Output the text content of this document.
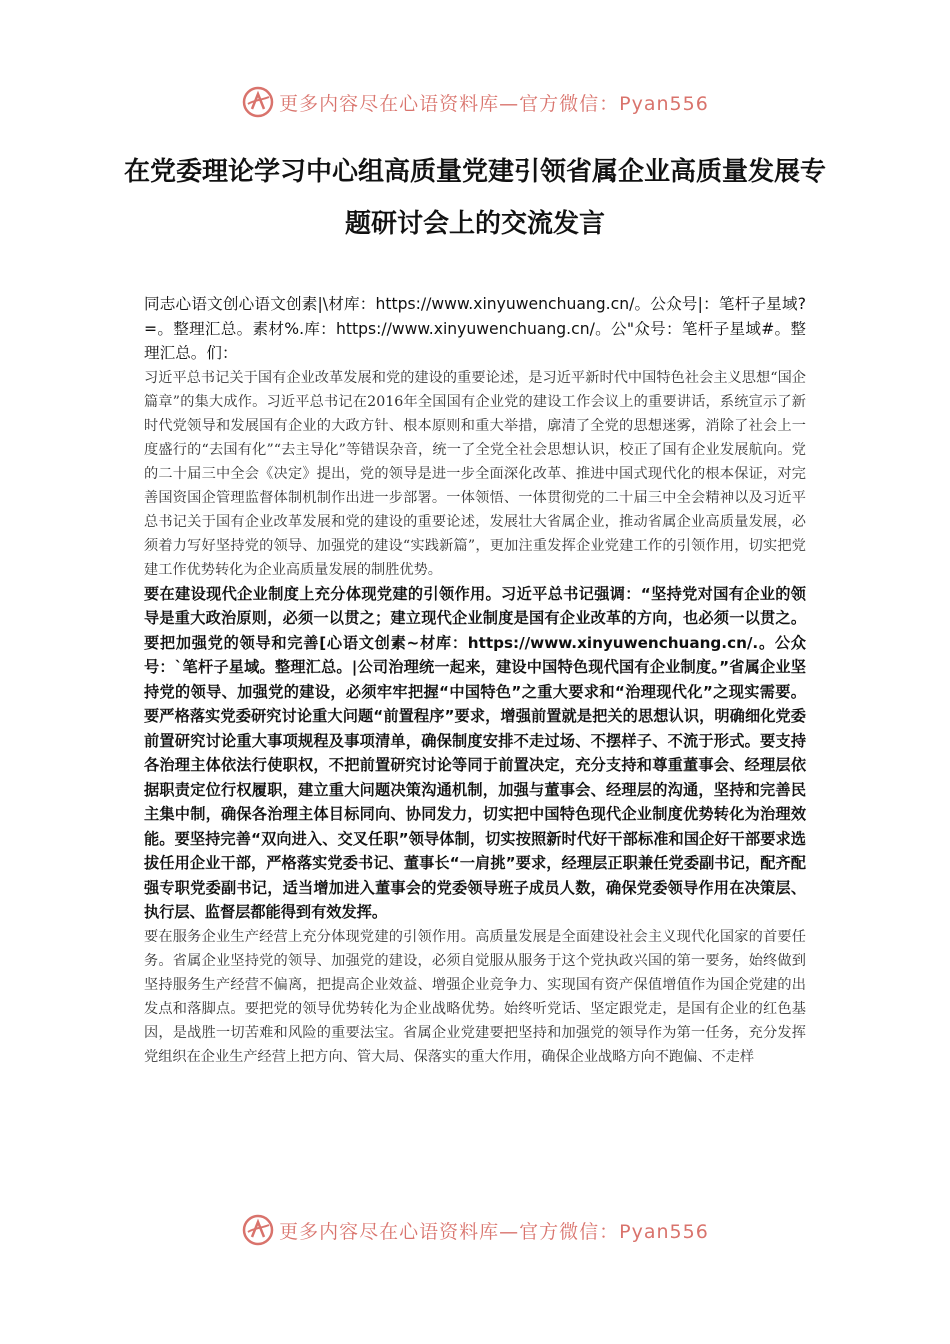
更多内容尽在心语资料库—官方微信：Pyan556
在党委理论学习中心组高质量党建引领省属企业高质量发展专题研讨会上的交流发言

同志心语文创心语文创素|\材库：https://www.xinyuwenchuang.cn/。公众号|：笔杆子星域?=。整理汇总。素材%.库：https://www.xinyuwenchuang.cn/。公"众号：笔杆子星域#。整理汇总。们：

习近平总书记关于国有企业改革发展和党的建设的重要论述，是习近平新时代中国特色社会主义思想“国企篇章”的集大成作。习近平总书记在2016年全国国有企业党的建设工作会议上的重要讲话，系统宣示了新时代党领导和发展国有企业的大政方针、根本原则和重大举措，廓清了全党的思想迷雾，消除了社会上一度盛行的“去国有化”“去主导化”等错误杂音，统一了全党全社会思想认识，校正了国有企业发展航向。党的二十届三中全会《决定》提出，党的领导是进一步全面深化改革、推进中国式现代化的根本保证，对完善国资国企管理监督体制机制作出进一步部署。一体领悟、一体贯彻党的二十届三中全会精神以及习近平总书记关于国有企业改革发展和党的建设的重要论述，发展壮大省属企业，推动省属企业高质量发展，必须着力写好坚持党的领导、加强党的建设“实践新篇”，更加注重发挥企业党建工作的引领作用，切实把党建工作优势转化为企业高质量发展的制胜优势。

要在建设现代企业制度上充分体现党建的引领作用。习近平总书记强调：“坚持党对国有企业的领导是重大政治原则，必须一以贯之；建立现代企业制度是国有企业改革的方向，也必须一以贯之。要把加强党的领导和完善[心语文创素~材库：https://www.xinyuwenchuang.cn/.。公众号：`笔杆子星域。整理汇总。|公司治理统一起来，建设中国特色现代国有企业制度。”省属企业坚持党的领导、加强党的建设，必须牢牢把握“中国特色”之重大要求和“治理现代化”之现实需要。要严格落实党委研究讨论重大问题“前置程序”要求，增强前置就是把关的思想认识，明确细化党委前置研究讨论重大事项规程及事项清单，确保制度安排不走过场、不摆样子、不流于形式。要支持各治理主体依法行使职权，不把前置研究讨论等同于前置决定，充分支持和尊重董事会、经理层依据职责定位行权履职，建立重大问题决策沟通机制，加强与董事会、经理层的沟通，坚持和完善民主集中制，确保各治理主体目标同向、协同发力，切实把中国特色现代企业制度优势转化为治理效能。要坚持完善“双向进入、交叉任职”领导体制，切实按照新时代好干部标准和国企好干部要求选拔任用企业干部，严格落实党委书记、董事长“一肩挑”要求，经理层正职兼任党委副书记，配齐配强专职党委副书记，适当增加进入董事会的党委领导班子成员人数，确保党委领导作用在决策层、执行层、监督层都能得到有效发挥。

要在服务企业生产经营上充分体现党建的引领作用。高质量发展是全面建设社会主义现代化国家的首要任务。省属企业坚持党的领导、加强党的建设，必须自觉服从服务于这个党执政兴国的第一要务，始终做到坚持服务生产经营不偏离，把提高企业效益、增强企业竞争力、实现国有资产保值增值作为国企党建的出发点和落脚点。要把党的领导优势转化为企业战略优势。始终听党话、坚定跟党走，是国有企业的红色基因，是战胜一切苦难和风险的重要法宝。省属企业党建要把坚持和加强党的领导作为第一任务，充分发挥党组织在企业生产经营上把方向、管大局、保落实的重大作用，确保企业战略方向不跑偏、不走样

更多内容尽在心语资料库—官方微信：Pyan556
